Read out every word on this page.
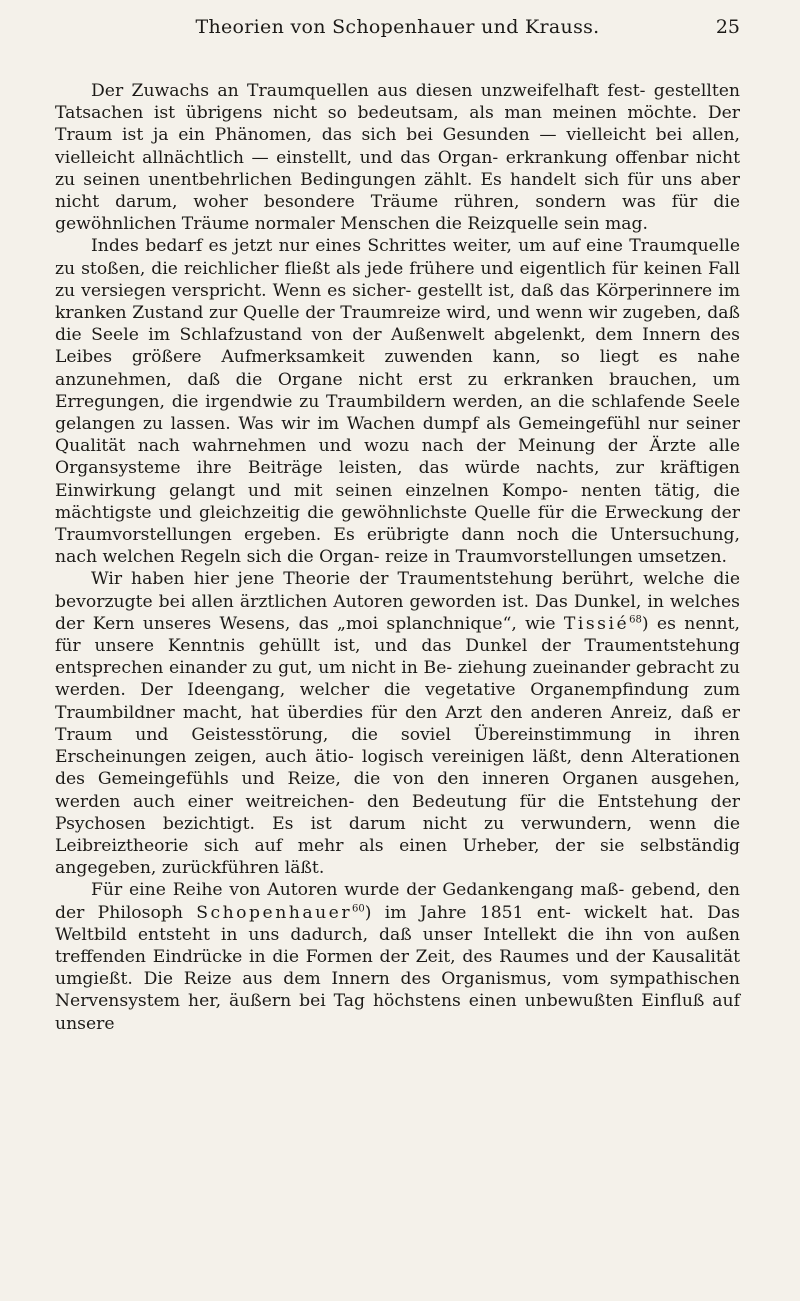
Theorien von Schopenhauer und Krauss.	25

Der Zuwachs an Traumquellen aus diesen unzweifelhaft fest- gestellten Tatsachen ist übrigens nicht so bedeutsam, als man meinen möchte. Der Traum ist ja ein Phänomen, das sich bei Gesunden — vielleicht bei allen, vielleicht allnächtlich — einstellt, und das Organ- erkrankung offenbar nicht zu seinen unentbehrlichen Bedingungen zählt. Es handelt sich für uns aber nicht darum, woher besondere Träume rühren, sondern was für die gewöhnlichen Träume normaler Menschen die Reizquelle sein mag.

Indes bedarf es jetzt nur eines Schrittes weiter, um auf eine Traumquelle zu stoßen, die reichlicher fließt als jede frühere und eigentlich für keinen Fall zu versiegen verspricht. Wenn es sicher- gestellt ist, daß das Körperinnere im kranken Zustand zur Quelle der Traumreize wird, und wenn wir zugeben, daß die Seele im Schlafzustand von der Außenwelt abgelenkt, dem Innern des Leibes größere Aufmerksamkeit zuwenden kann, so liegt es nahe anzunehmen, daß die Organe nicht erst zu erkranken brauchen, um Erregungen, die irgendwie zu Traumbildern werden, an die schlafende Seele gelangen zu lassen. Was wir im Wachen dumpf als Gemeingefühl nur seiner Qualität nach wahrnehmen und wozu nach der Meinung der Ärzte alle Organsysteme ihre Beiträge leisten, das würde nachts, zur kräftigen Einwirkung gelangt und mit seinen einzelnen Kompo- nenten tätig, die mächtigste und gleichzeitig die gewöhnlichste Quelle für die Erweckung der Traumvorstellungen ergeben. Es erübrigte dann noch die Untersuchung, nach welchen Regeln sich die Organ- reize in Traumvorstellungen umsetzen.

Wir haben hier jene Theorie der Traumentstehung berührt, welche die bevorzugte bei allen ärztlichen Autoren geworden ist. Das Dunkel, in welches der Kern unseres Wesens, das „moi splanchnique“, wie Tissié$^{68}$) es nennt, für unsere Kenntnis gehüllt ist, und das Dunkel der Traumentstehung entsprechen einander zu gut, um nicht in Be- ziehung zueinander gebracht zu werden. Der Ideengang, welcher die vegetative Organempfindung zum Traumbildner macht, hat überdies für den Arzt den anderen Anreiz, daß er Traum und Geistesstörung, die soviel Übereinstimmung in ihren Erscheinungen zeigen, auch ätio- logisch vereinigen läßt, denn Alterationen des Gemeingefühls und Reize, die von den inneren Organen ausgehen, werden auch einer weitreichen- den Bedeutung für die Entstehung der Psychosen bezichtigt. Es ist darum nicht zu verwundern, wenn die Leibreiztheorie sich auf mehr als einen Urheber, der sie selbständig angegeben, zurückführen läßt.

Für eine Reihe von Autoren wurde der Gedankengang maß- gebend, den der Philosoph Schopenhauer$^{60}$) im Jahre 1851 ent- wickelt hat. Das Weltbild entsteht in uns dadurch, daß unser Intellekt die ihn von außen treffenden Eindrücke in die Formen der Zeit, des Raumes und der Kausalität umgießt. Die Reize aus dem Innern des Organismus, vom sympathischen Nervensystem her, äußern bei Tag höchstens einen unbewußten Einfluß auf unsere
